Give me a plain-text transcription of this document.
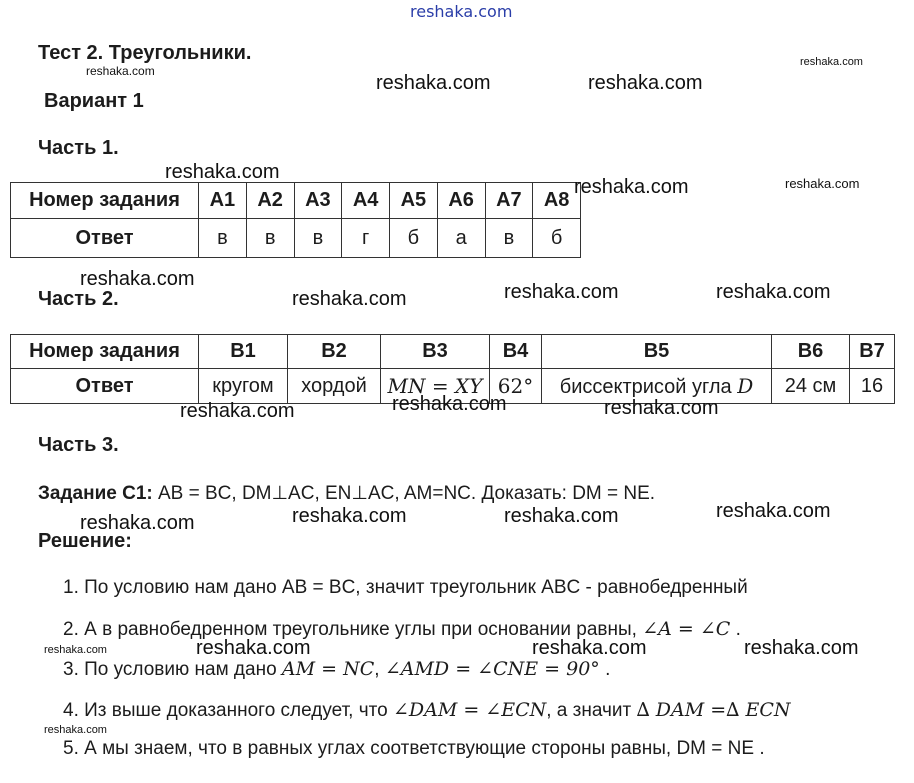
reshaka.com
Тест 2. Треугольники.
Вариант 1
Часть 1.
Номер задания	A1	A2	A3	A4	A5	A6	A7	A8
Ответ	в	в	в	г	б	а	в	б
Часть 2.
Номер задания	B1	B2	B3	B4	B5	B6	B7
Ответ	кругом	хордой	MN = XY	62°	биссектрисой угла D	24 см	16
Часть 3.
Задание С1: AB = BC, DM⊥AC, EN⊥AC, AM=NC. Доказать: DM = NE.
Решение:
1. По условию нам дано AB = BC, значит треугольник ABC - равнобедренный
2. А в равнобедренном треугольнике углы при основании равны, ∠A = ∠C .
3. По условию нам дано AM = NC, ∠AMD = ∠CNE = 90° .
4. Из выше доказанного следует, что ∠DAM = ∠ECN, а значит ∆ DAM =∆ ECN
5. А мы знаем, что в равных углах соответствующие стороны равны, DM = NE .
reshaka.com
reshaka.com	reshaka.com
reshaka.com
reshaka.com
reshaka.com	reshaka.com
reshaka.com
reshaka.com	reshaka.com	reshaka.com
reshaka.com	reshaka.com	reshaka.com
reshaka.com	reshaka.com	reshaka.com	reshaka.com
reshaka.com	reshaka.com	reshaka.com	reshaka.com
reshaka.com
